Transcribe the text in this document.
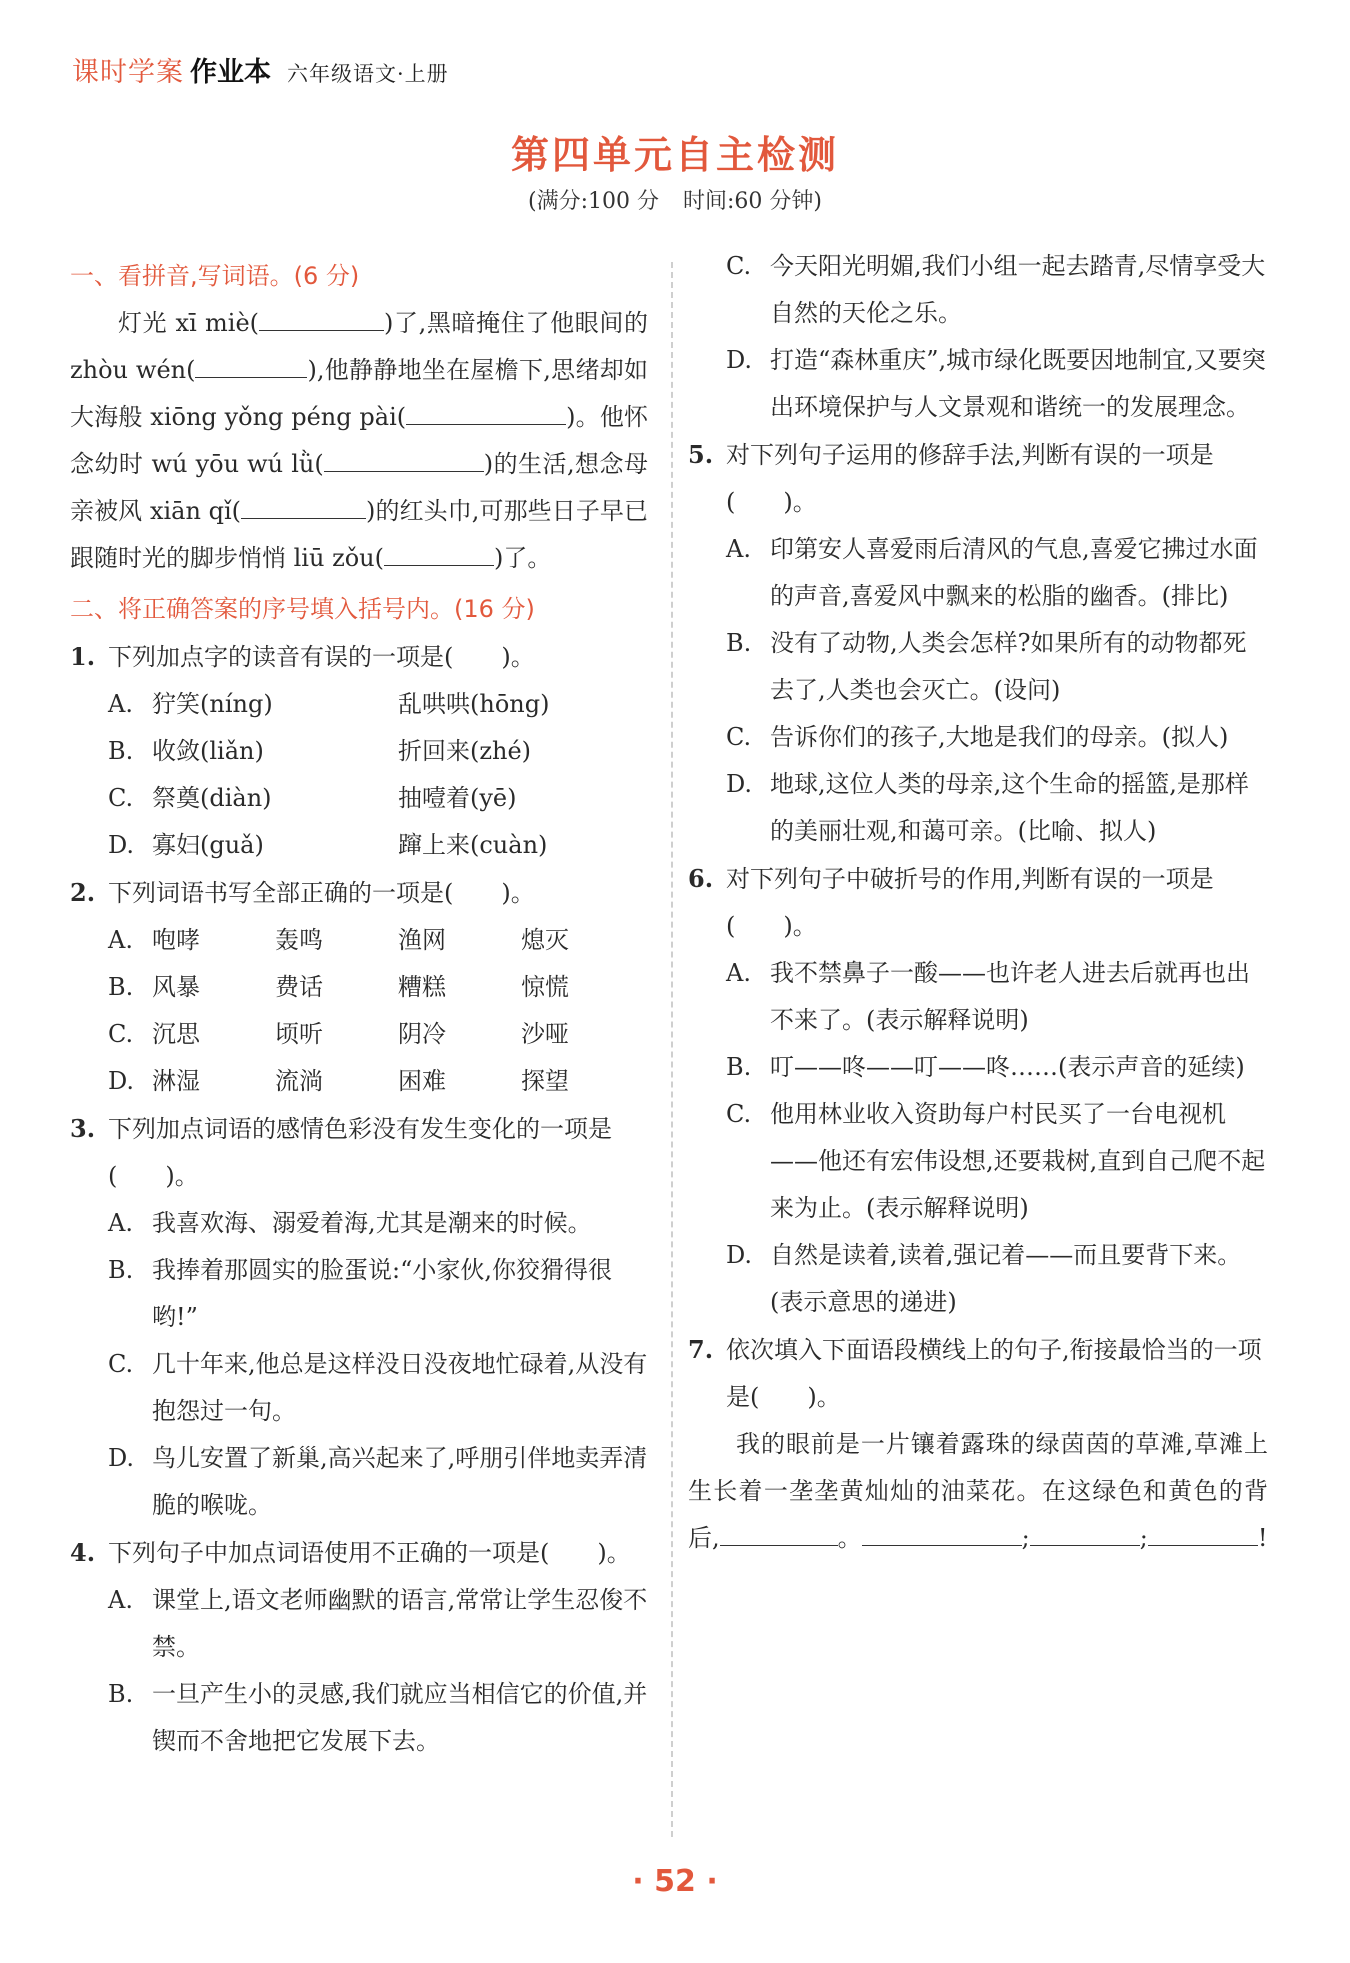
课时学案 作业本 六年级语文·上册
第四单元自主检测
(满分:100 分 时间:60 分钟)
一、看拼音,写词语。(6 分)
灯光 xī miè(	)了,黑暗掩住了他眼间的 zhòu wén(	),他静静地坐在屋檐下,思绪却如大海般 xiōng yǒng péng pài(	)。他怀念幼时 wú yōu wú lǜ(	)的生活,想念母亲被风 xiān qǐ(	)的红头巾,可那些日子早已跟随时光的脚步悄悄 liū zǒu(	)了。
二、将正确答案的序号填入括号内。(16 分)
1. 下列加点字的读音有误的一项是(　　)。
A. 狞笑(níng)	乱哄哄(hōng)
B. 收敛(liǎn)	折回来(zhé)
C. 祭奠(diàn)	抽噎着(yē)
D. 寡妇(guǎ)	蹿上来(cuàn)
2. 下列词语书写全部正确的一项是(　　)。
A. 咆哮	轰鸣	渔网	熄灭
B. 风暴	费话	糟糕	惊慌
C. 沉思	顷听	阴冷	沙哑
D. 淋湿	流淌	困难	探望
3. 下列加点词语的感情色彩没有发生变化的一项是(　　)。
A. 我喜欢海、溺爱着海,尤其是潮来的时候。
B. 我捧着那圆实的脸蛋说:“小家伙,你狡猾得很哟!”
C. 几十年来,他总是这样没日没夜地忙碌着,从没有抱怨过一句。
D. 鸟儿安置了新巢,高兴起来了,呼朋引伴地卖弄清脆的喉咙。
4. 下列句子中加点词语使用不正确的一项是(　　)。
A. 课堂上,语文老师幽默的语言,常常让学生忍俊不禁。
B. 一旦产生小的灵感,我们就应当相信它的价值,并锲而不舍地把它发展下去。
C. 今天阳光明媚,我们小组一起去踏青,尽情享受大自然的天伦之乐。
D. 打造“森林重庆”,城市绿化既要因地制宜,又要突出环境保护与人文景观和谐统一的发展理念。
5. 对下列句子运用的修辞手法,判断有误的一项是(　　)。
A. 印第安人喜爱雨后清风的气息,喜爱它拂过水面的声音,喜爱风中飘来的松脂的幽香。(排比)
B. 没有了动物,人类会怎样?如果所有的动物都死去了,人类也会灭亡。(设问)
C. 告诉你们的孩子,大地是我们的母亲。(拟人)
D. 地球,这位人类的母亲,这个生命的摇篮,是那样的美丽壮观,和蔼可亲。(比喻、拟人)
6. 对下列句子中破折号的作用,判断有误的一项是(　　)。
A. 我不禁鼻子一酸——也许老人进去后就再也出不来了。(表示解释说明)
B. 叮——咚——叮——咚……(表示声音的延续)
C. 他用林业收入资助每户村民买了一台电视机——他还有宏伟设想,还要栽树,直到自己爬不起来为止。(表示解释说明)
D. 自然是读着,读着,强记着——而且要背下来。(表示意思的递进)
7. 依次填入下面语段横线上的句子,衔接最恰当的一项是(　　)。
我的眼前是一片镶着露珠的绿茵茵的草滩,草滩上生长着一垄垄黄灿灿的油菜花。在这绿色和黄色的背后,	。	;	;	!
· 52 ·
